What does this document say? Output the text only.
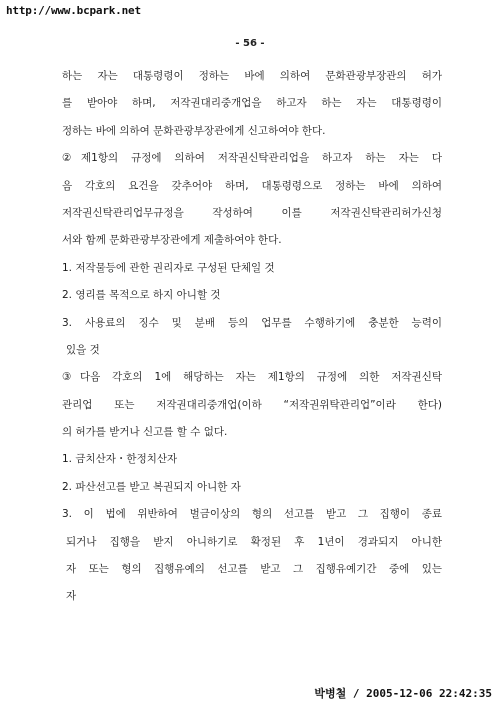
http://www.bcpark.net
- 56 -
하는 자는 대통령령이 정하는 바에 의하여 문화관광부장관의 허가
를 받아야 하며, 저작권대리중개업을 하고자 하는 자는 대통령령이
정하는 바에 의하여 문화관광부장관에게 신고하여야 한다.
②제1항의 규정에 의하여 저작권신탁관리업을 하고자 하는 자는 다
음 각호의 요건을 갖추어야 하며, 대통령령으로 정하는 바에 의하여
저작권신탁관리업무규정을 작성하여 이를 저작권신탁관리허가신청
서와 함께 문화관광부장관에게 제출하여야 한다.
1. 저작물등에 관한 권리자로 구성된 단체일 것
2. 영리를 목적으로 하지 아니할 것
3. 사용료의 징수 및 분배 등의 업무를 수행하기에 충분한 능력이
있을 것
③다음 각호의 1에 해당하는 자는 제1항의 규정에 의한 저작권신탁
관리업 또는 저작권대리중개업(이하 “저작권위탁관리업”이라 한다)
의 허가를 받거나 신고를 할 수 없다.
1. 금치산자・한정치산자
2. 파산선고를 받고 복권되지 아니한 자
3. 이 법에 위반하여 벌금이상의 형의 선고를 받고 그 집행이 종료
되거나 집행을 받지 아니하기로 확정된 후 1년이 경과되지 아니한
자 또는 형의 집행유예의 선고를 받고 그 집행유예기간 중에 있는
자
박병철 / 2005-12-06 22:42:35
